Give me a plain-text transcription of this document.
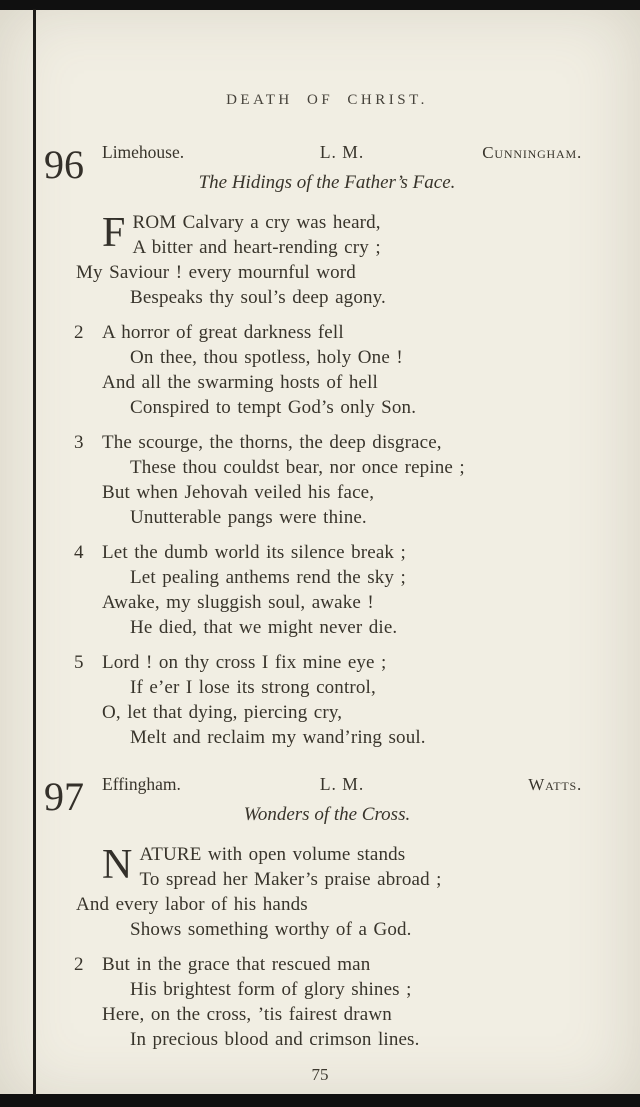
DEATH OF CHRIST.
96 Limehouse.	L. M.	Cunningham.
The Hidings of the Father’s Face.
FROM Calvary a cry was heard,
A bitter and heart-rending cry ;
My Saviour ! every mournful word
Bespeaks thy soul’s deep agony.
2 A horror of great darkness fell
On thee, thou spotless, holy One !
And all the swarming hosts of hell
Conspired to tempt God’s only Son.
3 The scourge, the thorns, the deep disgrace,
These thou couldst bear, nor once repine ;
But when Jehovah veiled his face,
Unutterable pangs were thine.
4 Let the dumb world its silence break ;
Let pealing anthems rend the sky ;
Awake, my sluggish soul, awake !
He died, that we might never die.
5 Lord ! on thy cross I fix mine eye ;
If e’er I lose its strong control,
O, let that dying, piercing cry,
Melt and reclaim my wand’ring soul.
97 Effingham.	L. M.	Watts.
Wonders of the Cross.
NATURE with open volume stands
To spread her Maker’s praise abroad ;
And every labor of his hands
Shows something worthy of a God.
2 But in the grace that rescued man
His brightest form of glory shines ;
Here, on the cross, ’tis fairest drawn
In precious blood and crimson lines.
75
